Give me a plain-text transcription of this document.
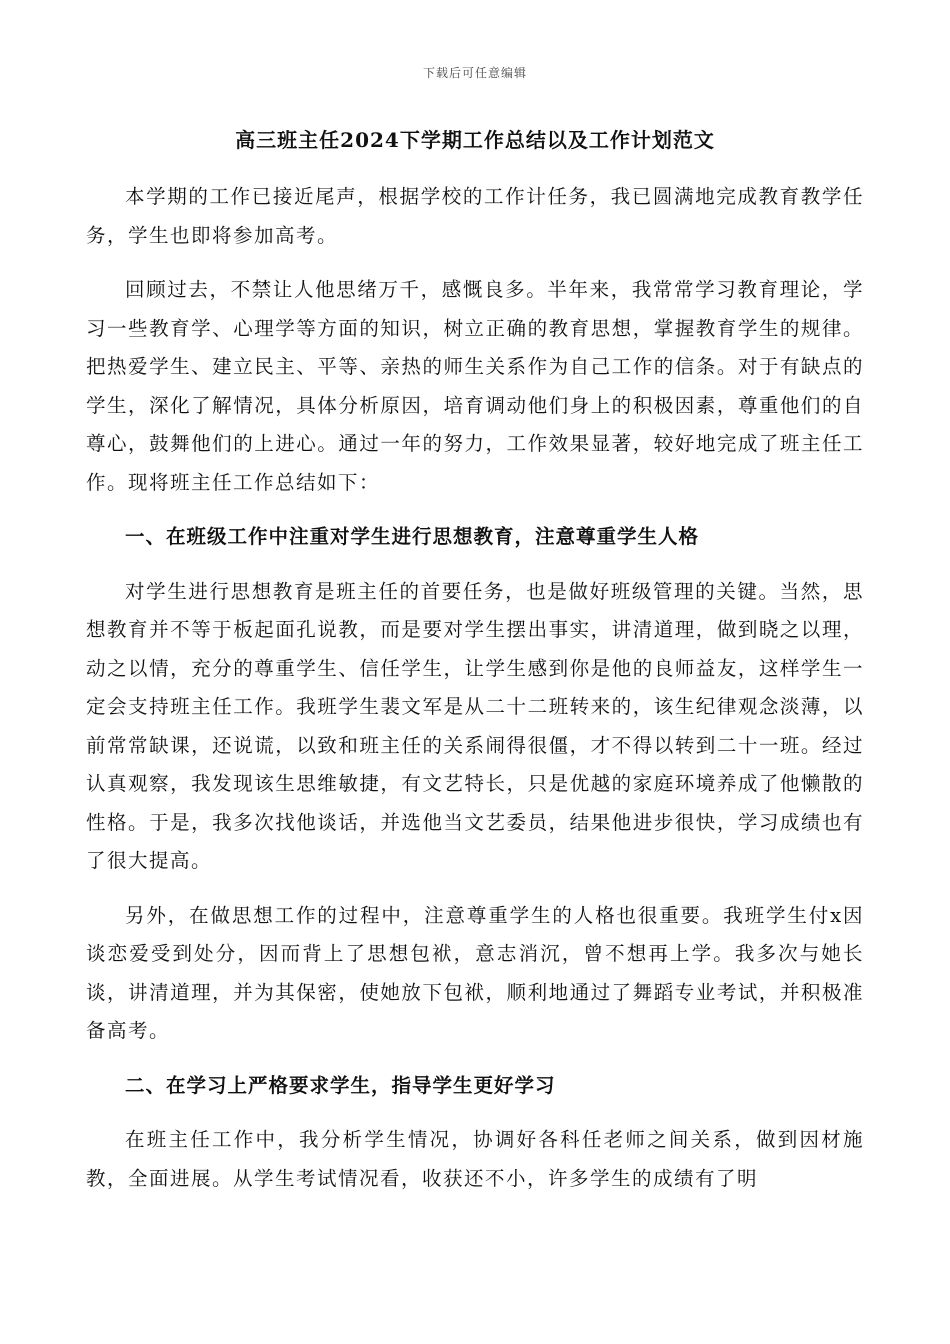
下载后可任意编辑
高三班主任2024下学期工作总结以及工作计划范文

本学期的工作已接近尾声，根据学校的工作计任务，我已圆满地完成教育教学任务，学生也即将参加高考。

回顾过去，不禁让人他思绪万千，感慨良多。半年来，我常常学习教育理论，学习一些教育学、心理学等方面的知识，树立正确的教育思想，掌握教育学生的规律。把热爱学生、建立民主、平等、亲热的师生关系作为自己工作的信条。对于有缺点的学生，深化了解情况，具体分析原因，培育调动他们身上的积极因素，尊重他们的自尊心，鼓舞他们的上进心。通过一年的努力，工作效果显著，较好地完成了班主任工作。现将班主任工作总结如下：

一、在班级工作中注重对学生进行思想教育，注意尊重学生人格

对学生进行思想教育是班主任的首要任务，也是做好班级管理的关键。当然，思想教育并不等于板起面孔说教，而是要对学生摆出事实，讲清道理，做到晓之以理，动之以情，充分的尊重学生、信任学生，让学生感到你是他的良师益友，这样学生一定会支持班主任工作。我班学生裴文军是从二十二班转来的，该生纪律观念淡薄，以前常常缺课，还说谎，以致和班主任的关系闹得很僵，才不得以转到二十一班。经过认真观察，我发现该生思维敏捷，有文艺特长，只是优越的家庭环境养成了他懒散的性格。于是，我多次找他谈话，并选他当文艺委员，结果他进步很快，学习成绩也有了很大提高。

另外，在做思想工作的过程中，注意尊重学生的人格也很重要。我班学生付x因谈恋爱受到处分，因而背上了思想包袱，意志消沉，曾不想再上学。我多次与她长谈，讲清道理，并为其保密，使她放下包袱，顺利地通过了舞蹈专业考试，并积极准备高考。

二、在学习上严格要求学生，指导学生更好学习

在班主任工作中，我分析学生情况，协调好各科任老师之间关系，做到因材施教，全面进展。从学生考试情况看，收获还不小，许多学生的成绩有了明
